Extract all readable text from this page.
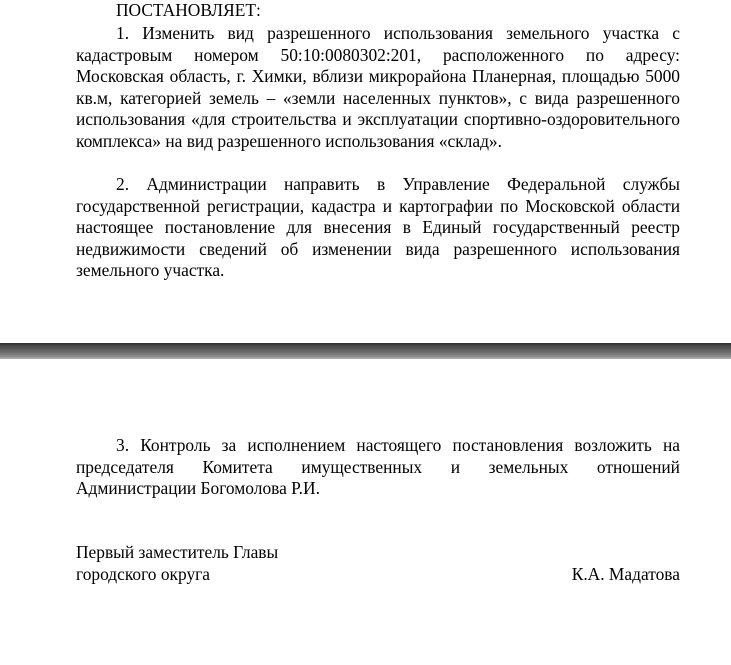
ПОСТАНОВЛЯЕТ:

1. Изменить вид разрешенного использования земельного участка с кадастровым номером 50:10:0080302:201, расположенного по адресу: Московская область, г. Химки, вблизи микрорайона Планерная, площадью 5000 кв.м, категорией земель – «земли населенных пунктов», с вида разрешенного использования «для строительства и эксплуатации спортивно-оздоровительного комплекса» на вид разрешенного использования «склад».

2. Администрации направить в Управление Федеральной службы государственной регистрации, кадастра и картографии по Московской области настоящее постановление для внесения в Единый государственный реестр недвижимости сведений об изменении вида разрешенного использования земельного участка.

3. Контроль за исполнением настоящего постановления возложить на председателя Комитета имущественных и земельных отношений Администрации Богомолова Р.И.

Первый заместитель Главы
городского округа	К.А. Мадатова
